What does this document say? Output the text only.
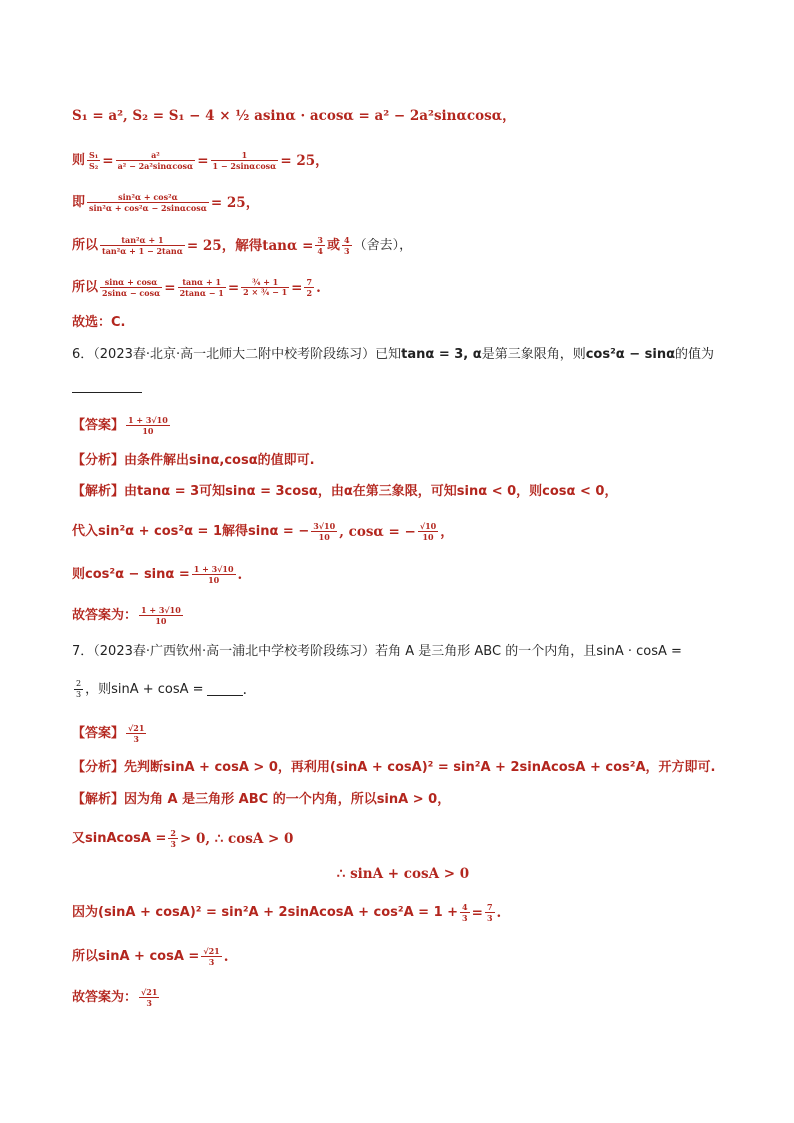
S₁ = a², S₂ = S₁ − 4 × ½ asinα · acosα = a² − 2a²sinαcosα，
则 $\frac{\text{S₁}}{\text{S₂}} = \frac{\text{a²}}{\text{a² − 2a²sinαcosα}} = \frac{1}{1 - 2\sin\alpha\cos\alpha} = 25$，
即 $\frac{\text{sin²α + cos²α}}{\text{sin²α + cos²α − 2sinαcosα}} = 25$，
所以 $\frac{\text{tan²α + 1}}{\text{tan²α + 1 − 2tanα}} = 25$，解得$\tan\alpha = \frac{3}{4}$ 或 $\frac{4}{3}$ （舍去），
所以 $\frac{\sin\alpha + \cos\alpha}{2\sin\alpha - \cos\alpha} = \frac{\tan\alpha + 1}{2\tan\alpha - 1} = \frac{\text{¾ + 1}}{\text{2 × ¾ − 1}} = \frac{7}{2}$ .
故选：C.
6．（2023春·北京·高一北师大二附中校考阶段练习）已知 tanα = 3, α 是第三象限角，则 cos²α − sinα 的值为
【答案】 $\frac{1 + 3√10}{10}$
【分析】 由条件解出sinα,cosα的值即可.
【解析】 由tanα = 3可知sinα = 3cosα，由α在第三象限，可知sinα < 0，则cosα < 0，
代入sin²α + cos²α = 1解得sinα = − $\frac{3√10}{10}$ , cosα = − $\frac{√10}{10}$ ，
则$\cos^2\alpha - \sin\alpha = \frac{1 + 3√10}{10}$ .
故答案为： $\frac{1 + 3√10}{10}$
7．（2023春·广西钦州·高一浦北中学校考阶段练习）若角 A 是三角形 ABC 的一个内角，且sinA · cosA =
$\frac{2}{3}$ ，则sinA + cosA =	.
【答案】 $\frac{√21}{3}$
【分析】 先判断sinA + cosA > 0，再利用(sinA + cosA)² = sin²A + 2sinAcosA + cos²A，开方即可.
【解析】 因为角 A 是三角形 ABC 的一个内角，所以sinA > 0，
又sinAcosA = $\frac{2}{3} > 0$, ∴ cosA > 0
∴ sinA + cosA > 0
因为(sinA + cosA)² = sin²A + 2sinAcosA + $\cos^2A = 1 + \frac{4}{3} = \frac{7}{3}$ .
所以$\sin A + \cos A = \frac{√21}{3}$ .
故答案为： $\frac{√21}{3}$
